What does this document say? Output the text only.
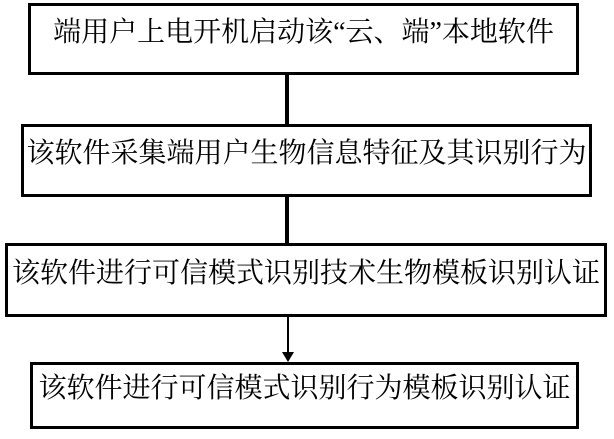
端用户上电开机启动该“云、端”本地软件
该软件采集端用户生物信息特征及其识别行为
该软件进行可信模式识别技术生物模板识别认证
该软件进行可信模式识别行为模板识别认证
